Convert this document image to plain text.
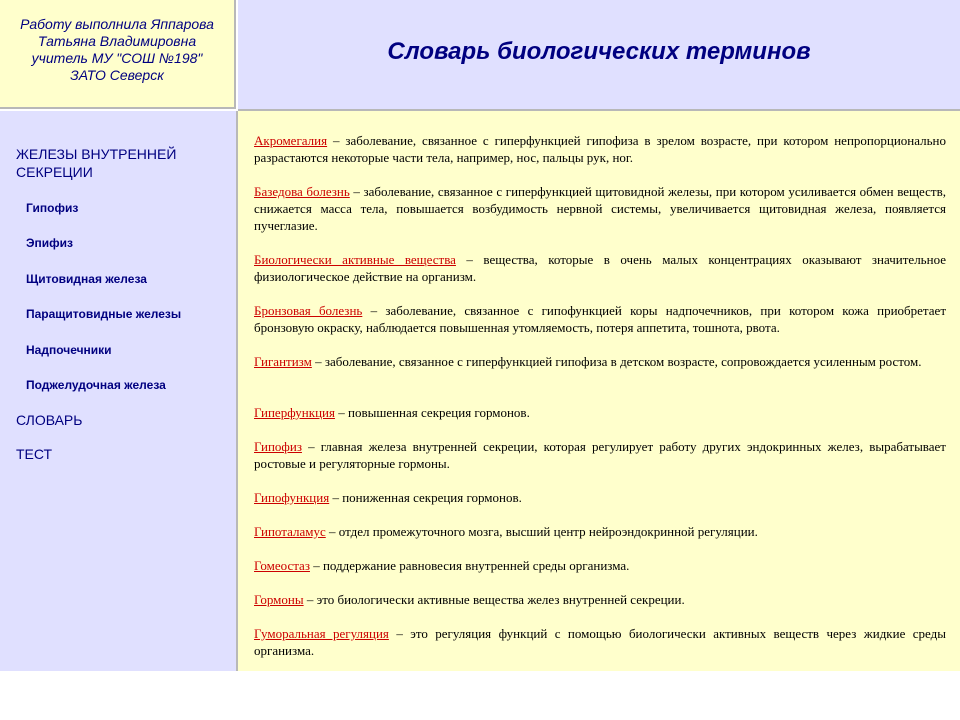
Работу выполнила Яппарова
Татьяна Владимировна
учитель МУ "СОШ №198"
ЗАТО Северск
Словарь биологических терминов
ЖЕЛЕЗЫ ВНУТРЕННЕЙ
СЕКРЕЦИИ
Гипофиз
Эпифиз
Щитовидная железа
Паращитовидные железы
Надпочечники
Поджелудочная железа
СЛОВАРЬ
ТЕСТ

Акромегалия – заболевание, связанное с гиперфункцией гипофиза в зрелом возрасте, при котором непропорционально разрастаются некоторые части тела, например, нос, пальцы рук, ног.

Базедова болезнь – заболевание, связанное с гиперфункцией щитовидной железы, при котором усиливается обмен веществ, снижается масса тела, повышается возбудимость нервной системы, увеличивается щитовидная железа, появляется пучеглазие.

Биологически активные вещества – вещества, которые в очень малых концентрациях оказывают значительное физиологическое действие на организм.

Бронзовая болезнь – заболевание, связанное с гипофункцией коры надпочечников, при котором кожа приобретает бронзовую окраску, наблюдается повышенная утомляемость, потеря аппетита, тошнота, рвота.

Гигантизм – заболевание, связанное с гиперфункцией гипофиза в детском возрасте, сопровождается усиленным ростом.

Гиперфункция – повышенная секреция гормонов.

Гипофиз – главная железа внутренней секреции, которая регулирует работу других эндокринных желез, вырабатывает ростовые и регуляторные гормоны.

Гипофункция – пониженная секреция гормонов.

Гипоталамус – отдел промежуточного мозга, высший центр нейроэндокринной регуляции.

Гомеостаз – поддержание равновесия внутренней среды организма.

Гормоны – это биологически активные вещества желез внутренней секреции.

Гуморальная регуляция – это регуляция функций с помощью биологически активных веществ через жидкие среды организма.
